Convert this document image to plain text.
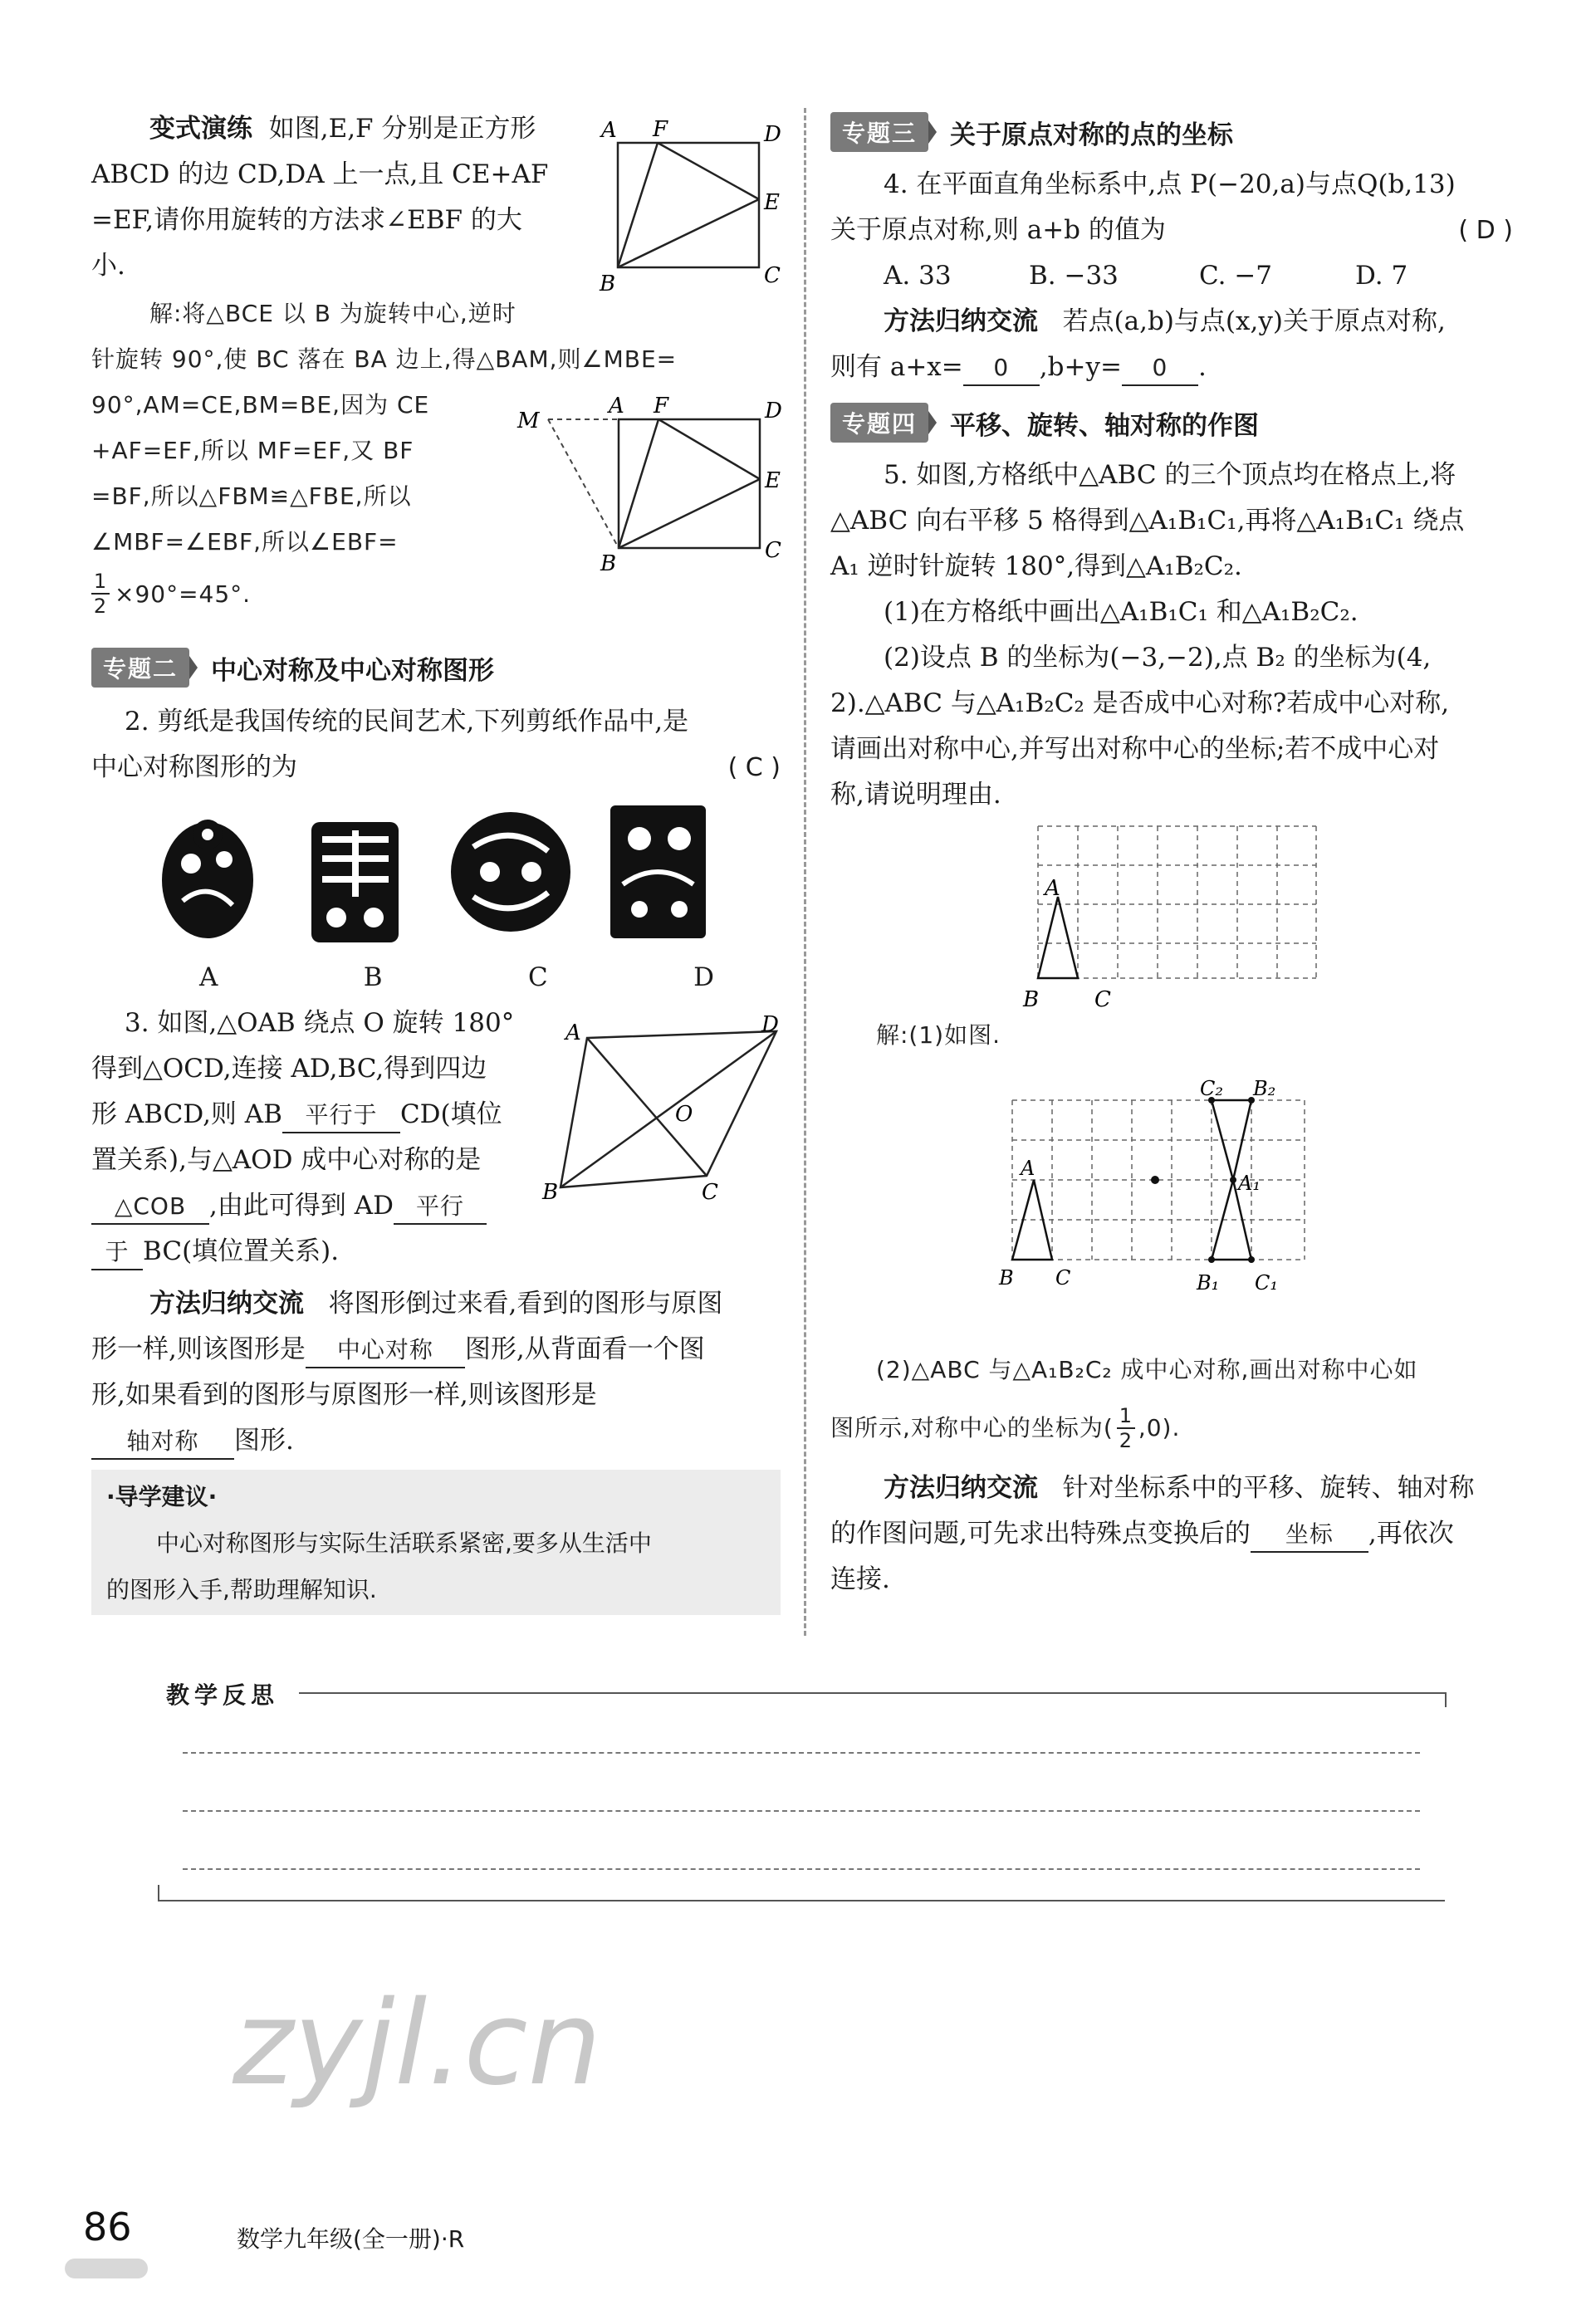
变式演练 如图,E,F 分别是正方形
ABCD 的边 CD,DA 上一点,且 CE+AF
=EF,请你用旋转的方法求∠EBF 的大
小.
解:将△BCE 以 B 为旋转中心,逆时
针旋转 90°,使 BC 落在 BA 边上,得△BAM,则∠MBE=
90°,AM=CE,BM=BE,因为 CE
+AF=EF,所以 MF=EF,又 BF
=BF,所以△FBM≌△FBE,所以
∠MBF=∠EBF,所以∠EBF=
1
2 ×90°=45°.
A F	D
E
B	C
M
A F	D
E
B
C
专题二	中心对称及中心对称图形
2. 剪纸是我国传统的民间艺术,下列剪纸作品中,是
中心对称图形的为	( C )
A	B	C	D
3. 如图,△OAB 绕点 O 旋转 180°
得到△OCD,连接 AD,BC,得到四边
形 ABCD,则 AB 平行于 CD(填位
置关系),与△AOD 成中心对称的是
△COB ,由此可得到 AD 平行
于 BC(填位置关系).
A	D
O
B	C
方法归纳交流 将图形倒过来看,看到的图形与原图
形一样,则该图形是 中心对称 图形,从背面看一个图
形,如果看到的图形与原图形一样,则该图形是
轴对称 图形.
·导学建议·
中心对称图形与实际生活联系紧密,要多从生活中
的图形入手,帮助理解知识.
专题三	关于原点对称的点的坐标
4. 在平面直角坐标系中,点 P(−20,a)与点Q(b,13)
关于原点对称,则 a+b 的值为	( D )
A. 33	B. −33	C. −7	D. 7
方法归纳交流 若点(a,b)与点(x,y)关于原点对称,
则有 a+x= 0 ,b+y= 0 .
专题四	平移、旋转、轴对称的作图
5. 如图,方格纸中△ABC 的三个顶点均在格点上,将
△ABC 向右平移 5 格得到△A₁B₁C₁,再将△A₁B₁C₁ 绕点
A₁ 逆时针旋转 180°,得到△A₁B₂C₂.
(1)在方格纸中画出△A₁B₁C₁ 和△A₁B₂C₂.
(2)设点 B 的坐标为(−3,−2),点 B₂ 的坐标为(4,
2).△ABC 与△A₁B₂C₂ 是否成中心对称?若成中心对称,
请画出对称中心,并写出对称中心的坐标;若不成中心对
称,请说明理由.
A
B	C
解:(1)如图.
C₂ B₂
A
A₁
B C	B₁ C₁
(2)△ABC 与△A₁B₂C₂ 成中心对称,画出对称中心如
图所示,对称中心的坐标为( 1
2 ,0).
方法归纳交流 针对坐标系中的平移、旋转、轴对称
的作图问题,可先求出特殊点变换后的 坐标 ,再依次
连接.
教学反思
zyjl.cn
86	数学九年级(全一册)·R
